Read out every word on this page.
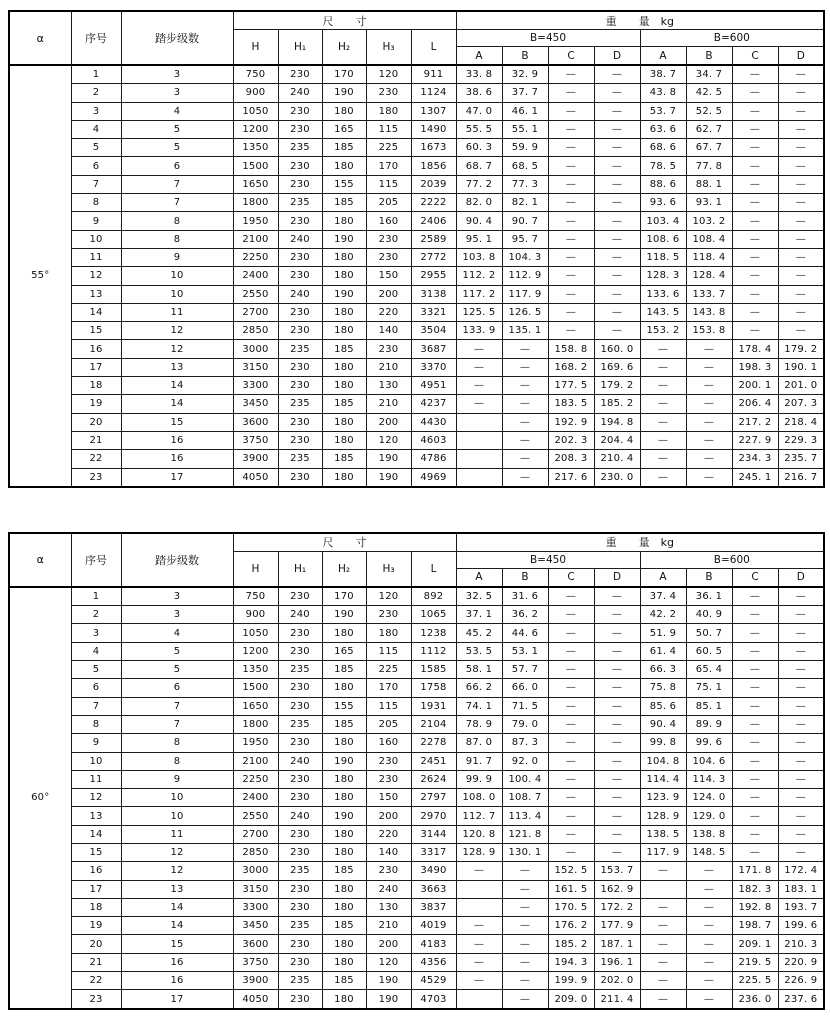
α	序号	踏步级数	尺　　寸					重　　量　kg							
			H	H₁	H₂	H₃	L	B=450				B=600			
								A	B	C	D	A	B	C	D
55°	1	3	750	230	170	120	911	33. 8	32. 9	—	—	38. 7	34. 7	—	—
	2	3	900	240	190	230	1124	38. 6	37. 7	—	—	43. 8	42. 5	—	—
	3	4	1050	230	180	180	1307	47. 0	46. 1	—	—	53. 7	52. 5	—	—
	4	5	1200	230	165	115	1490	55. 5	55. 1	—	—	63. 6	62. 7	—	—
	5	5	1350	235	185	225	1673	60. 3	59. 9	—	—	68. 6	67. 7	—	—
	6	6	1500	230	180	170	1856	68. 7	68. 5	—	—	78. 5	77. 8	—	—
	7	7	1650	230	155	115	2039	77. 2	77. 3	—	—	88. 6	88. 1	—	—
	8	7	1800	235	185	205	2222	82. 0	82. 1	—	—	93. 6	93. 1	—	—
	9	8	1950	230	180	160	2406	90. 4	90. 7	—	—	103. 4	103. 2	—	—
	10	8	2100	240	190	230	2589	95. 1	95. 7	—	—	108. 6	108. 4	—	—
	11	9	2250	230	180	230	2772	103. 8	104. 3	—	—	118. 5	118. 4	—	—
	12	10	2400	230	180	150	2955	112. 2	112. 9	—	—	128. 3	128. 4	—	—
	13	10	2550	240	190	200	3138	117. 2	117. 9	—	—	133. 6	133. 7	—	—
	14	11	2700	230	180	220	3321	125. 5	126. 5	—	—	143. 5	143. 8	—	—
	15	12	2850	230	180	140	3504	133. 9	135. 1	—	—	153. 2	153. 8	—	—
	16	12	3000	235	185	230	3687	—	—	158. 8	160. 0	—	—	178. 4	179. 2
	17	13	3150	230	180	210	3370	—	—	168. 2	169. 6	—	—	198. 3	190. 1
	18	14	3300	230	180	130	4951	—	—	177. 5	179. 2	—	—	200. 1	201. 0
	19	14	3450	235	185	210	4237	—	—	183. 5	185. 2	—	—	206. 4	207. 3
	20	15	3600	230	180	200	4430		—	192. 9	194. 8	—	—	217. 2	218. 4
	21	16	3750	230	180	120	4603		—	202. 3	204. 4	—	—	227. 9	229. 3
	22	16	3900	235	185	190	4786		—	208. 3	210. 4	—	—	234. 3	235. 7
	23	17	4050	230	180	190	4969		—	217. 6	230. 0	—	—	245. 1	216. 7
α	序号	踏步级数	尺　　寸					重　　量　kg							
			H	H₁	H₂	H₃	L	B=450				B=600			
								A	B	C	D	A	B	C	D
60°	1	3	750	230	170	120	892	32. 5	31. 6	—	—	37. 4	36. 1	—	—
	2	3	900	240	190	230	1065	37. 1	36. 2	—	—	42. 2	40. 9	—	—
	3	4	1050	230	180	180	1238	45. 2	44. 6	—	—	51. 9	50. 7	—	—
	4	5	1200	230	165	115	1112	53. 5	53. 1	—	—	61. 4	60. 5	—	—
	5	5	1350	235	185	225	1585	58. 1	57. 7	—	—	66. 3	65. 4	—	—
	6	6	1500	230	180	170	1758	66. 2	66. 0	—	—	75. 8	75. 1	—	—
	7	7	1650	230	155	115	1931	74. 1	71. 5	—	—	85. 6	85. 1	—	—
	8	7	1800	235	185	205	2104	78. 9	79. 0	—	—	90. 4	89. 9	—	—
	9	8	1950	230	180	160	2278	87. 0	87. 3	—	—	99. 8	99. 6	—	—
	10	8	2100	240	190	230	2451	91. 7	92. 0	—	—	104. 8	104. 6	—	—
	11	9	2250	230	180	230	2624	99. 9	100. 4	—	—	114. 4	114. 3	—	—
	12	10	2400	230	180	150	2797	108. 0	108. 7	—	—	123. 9	124. 0	—	—
	13	10	2550	240	190	200	2970	112. 7	113. 4	—	—	128. 9	129. 0	—	—
	14	11	2700	230	180	220	3144	120. 8	121. 8	—	—	138. 5	138. 8	—	—
	15	12	2850	230	180	140	3317	128. 9	130. 1	—	—	117. 9	148. 5	—	—
	16	12	3000	235	185	230	3490	—	—	152. 5	153. 7	—	—	171. 8	172. 4
	17	13	3150	230	180	240	3663		—	161. 5	162. 9		—	182. 3	183. 1
	18	14	3300	230	180	130	3837		—	170. 5	172. 2	—	—	192. 8	193. 7
	19	14	3450	235	185	210	4019	—	—	176. 2	177. 9	—	—	198. 7	199. 6
	20	15	3600	230	180	200	4183	—	—	185. 2	187. 1	—	—	209. 1	210. 3
	21	16	3750	230	180	120	4356	—	—	194. 3	196. 1	—	—	219. 5	220. 9
	22	16	3900	235	185	190	4529	—	—	199. 9	202. 0	—	—	225. 5	226. 9
	23	17	4050	230	180	190	4703		—	209. 0	211. 4	—	—	236. 0	237. 6
